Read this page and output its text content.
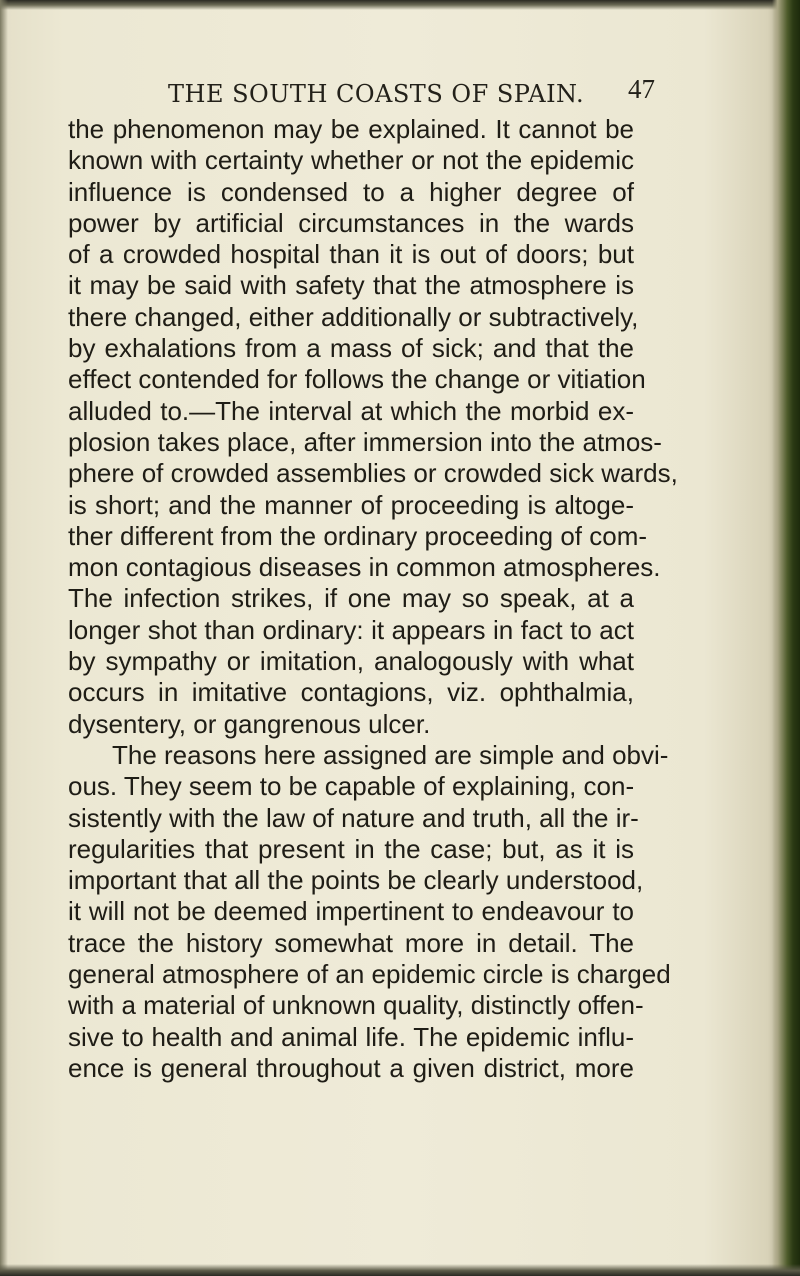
THE SOUTH COASTS OF SPAIN.	47
the phenomenon may be explained. It cannot be
known with certainty whether or not the epidemic
influence is condensed to a higher degree of
power by artificial circumstances in the wards
of a crowded hospital than it is out of doors; but
it may be said with safety that the atmosphere is
there changed, either additionally or subtractively,
by exhalations from a mass of sick; and that the
effect contended for follows the change or vitiation
alluded to.—The interval at which the morbid ex-
plosion takes place, after immersion into the atmos-
phere of crowded assemblies or crowded sick wards,
is short; and the manner of proceeding is altoge-
ther different from the ordinary proceeding of com-
mon contagious diseases in common atmospheres.
The infection strikes, if one may so speak, at a
longer shot than ordinary: it appears in fact to act
by sympathy or imitation, analogously with what
occurs in imitative contagions, viz. ophthalmia,
dysentery, or gangrenous ulcer.
The reasons here assigned are simple and obvi-
ous. They seem to be capable of explaining, con-
sistently with the law of nature and truth, all the ir-
regularities that present in the case; but, as it is
important that all the points be clearly understood,
it will not be deemed impertinent to endeavour to
trace the history somewhat more in detail. The
general atmosphere of an epidemic circle is charged
with a material of unknown quality, distinctly offen-
sive to health and animal life. The epidemic influ-
ence is general throughout a given district, more
